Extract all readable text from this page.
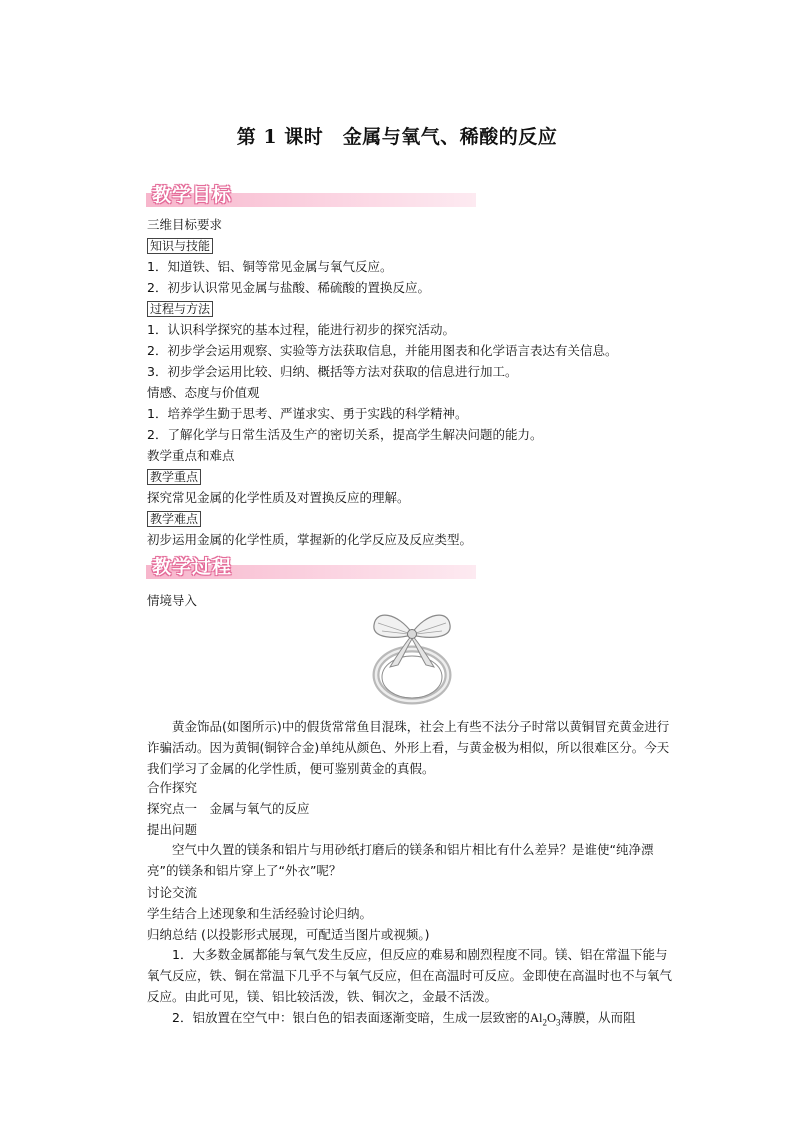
第 1 课时　金属与氧气、稀酸的反应
教学目标
三维目标要求
知识与技能
1．知道铁、铝、铜等常见金属与氧气反应。
2．初步认识常见金属与盐酸、稀硫酸的置换反应。
过程与方法
1．认识科学探究的基本过程，能进行初步的探究活动。
2．初步学会运用观察、实验等方法获取信息，并能用图表和化学语言表达有关信息。
3．初步学会运用比较、归纳、概括等方法对获取的信息进行加工。
情感、态度与价值观
1．培养学生勤于思考、严谨求实、勇于实践的科学精神。
2．了解化学与日常生活及生产的密切关系，提高学生解决问题的能力。
教学重点和难点
教学重点
探究常见金属的化学性质及对置换反应的理解。
教学难点
初步运用金属的化学性质，掌握新的化学反应及反应类型。
教学过程
情境导入
黄金饰品(如图所示)中的假货常常鱼目混珠，社会上有些不法分子时常以黄铜冒充黄金进行诈骗活动。因为黄铜(铜锌合金)单纯从颜色、外形上看，与黄金极为相似，所以很难区分。今天我们学习了金属的化学性质，便可鉴别黄金的真假。
合作探究
探究点一　金属与氧气的反应
提出问题
空气中久置的镁条和铝片与用砂纸打磨后的镁条和铝片相比有什么差异？是谁使“纯净漂亮”的镁条和铝片穿上了“外衣”呢？
讨论交流
学生结合上述现象和生活经验讨论归纳。
归纳总结 (以投影形式展现，可配适当图片或视频。)
1．大多数金属都能与氧气发生反应，但反应的难易和剧烈程度不同。镁、铝在常温下能与氧气反应，铁、铜在常温下几乎不与氧气反应，但在高温时可反应。金即使在高温时也不与氧气反应。由此可见，镁、铝比较活泼，铁、铜次之，金最不活泼。
2．铝放置在空气中：银白色的铝表面逐渐变暗，生成一层致密的$Al_2O_3$薄膜，从而阻
